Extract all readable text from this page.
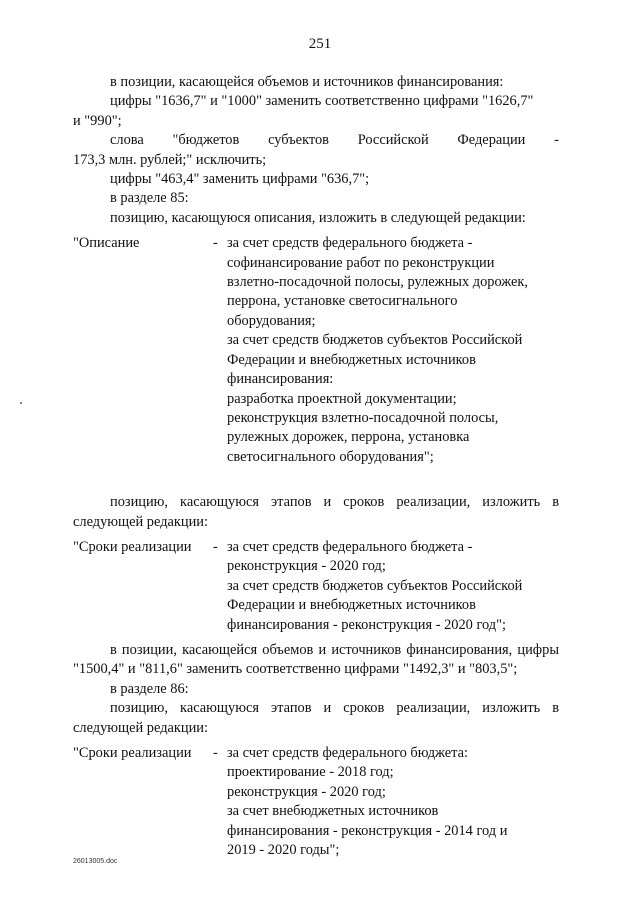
251

в позиции, касающейся объемов и источников финансирования:

цифры "1636,7" и "1000" заменить соответственно цифрами "1626,7"

и "990";

слова "бюджетов субъектов Российской Федерации -

173,3 млн. рублей;" исключить;

цифры "463,4" заменить цифрами "636,7";

в разделе 85:

позицию, касающуюся описания, изложить в следующей редакции:

"Описание	- за счет средств федерального бюджета -
софинансирование работ по реконструкции
взлетно-посадочной полосы, рулежных дорожек,
перрона, установке светосигнального
оборудования;
за счет средств бюджетов субъектов Российской
Федерации и внебюджетных источников
финансирования:
разработка проектной документации;
реконструкция взлетно-посадочной полосы,
рулежных дорожек, перрона, установка
светосигнального оборудования";

позицию, касающуюся этапов и сроков реализации, изложить в следующей редакции:

"Сроки реализации	- за счет средств федерального бюджета -
реконструкция - 2020 год;
за счет средств бюджетов субъектов Российской
Федерации и внебюджетных источников
финансирования - реконструкция - 2020 год";

в позиции, касающейся объемов и источников финансирования, цифры "1500,4" и "811,6" заменить соответственно цифрами "1492,3" и "803,5";

в разделе 86:

позицию, касающуюся этапов и сроков реализации, изложить в следующей редакции:

"Сроки реализации	- за счет средств федерального бюджета:
проектирование - 2018 год;
реконструкция - 2020 год;
за счет внебюджетных источников
финансирования - реконструкция - 2014 год и
2019 - 2020 годы";
26013005.doc
